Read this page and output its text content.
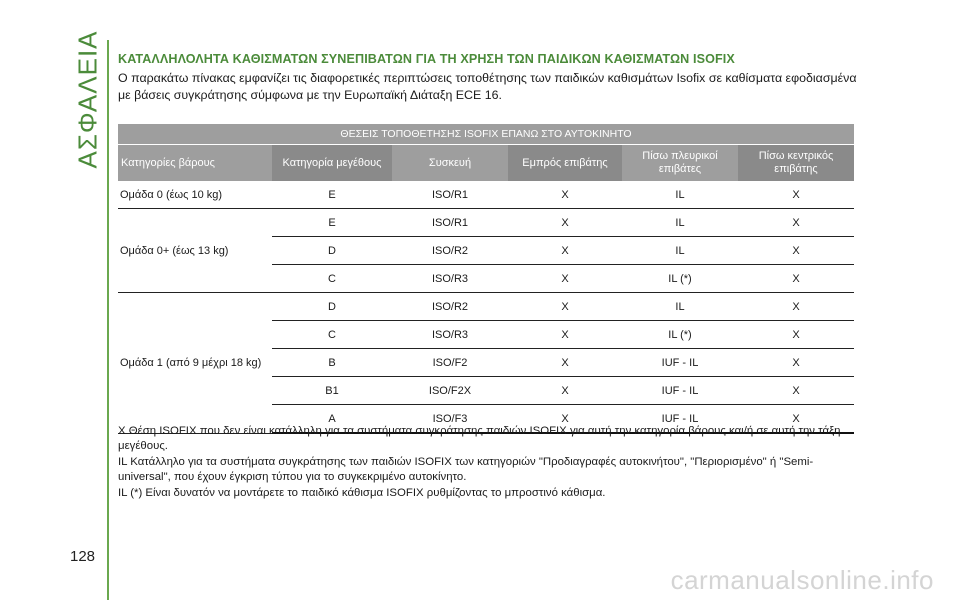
ΑΣΦΑΛΕΙΑ ΚΑΤΑΛΛΗΛΟΛΗΤΑ ΚΑΘΙΣΜΑΤΩΝ ΣΥΝΕΠΙΒΑΤΩΝ ΓΙΑ ΤΗ ΧΡΗΣΗ ΤΩΝ ΠΑΙΔΙΚΩΝ ΚΑΘΙΣΜΑΤΩΝ ISOFIX
Ο παρακάτω πίνακας εμφανίζει τις διαφορετικές περιπτώσεις τοποθέτησης των παιδικών καθισμάτων Isofix σε καθίσματα εφοδιασμένα με βάσεις συγκράτησης σύμφωνα με την Ευρωπαϊκή Διάταξη ECE 16.
ΘΕΣΕΙΣ ΤΟΠΟΘΕΤΗΣΗΣ ISOFIX ΕΠΑΝΩ ΣΤΟ ΑΥΤΟΚΙΝΗΤΟ					
Κατηγορίες βάρους	Κατηγορία μεγέθους	Συσκευή	Εμπρός επιβάτης	Πίσω πλευρικοί επιβάτες	Πίσω κεντρικός επιβάτης
Ομάδα 0 (έως 10 kg)	E	ISO/R1	X	IL	X
Ομάδα 0+ (έως 13 kg)	E	ISO/R1	X	IL	X
	D	ISO/R2	X	IL	X
	C	ISO/R3	X	IL (*)	X
Ομάδα 1 (από 9 μέχρι 18 kg)	D	ISO/R2	X	IL	X
	C	ISO/R3	X	IL (*)	X
	B	ISO/F2	X	IUF - IL	X
	B1	ISO/F2X	X	IUF - IL	X
	A	ISO/F3	X	IUF - IL	X

X Θέση ISOFIX που δεν είναι κατάλληλη για τα συστήματα συγκράτησης παιδιών ISOFIX για αυτή την κατηγορία βάρους και/ή σε αυτή την τάξη μεγέθους.

IL Κατάλληλο για τα συστήματα συγκράτησης των παιδιών ISOFIX των κατηγοριών "Προδιαγραφές αυτοκινήτου", "Περιορισμένο" ή "Semi-universal", που έχουν έγκριση τύπου για το συγκεκριμένο αυτοκίνητο.

IL (*) Είναι δυνατόν να μοντάρετε το παιδικό κάθισμα ISOFIX ρυθμίζοντας το μπροστινό κάθισμα.

128
carmanualsonline.info
